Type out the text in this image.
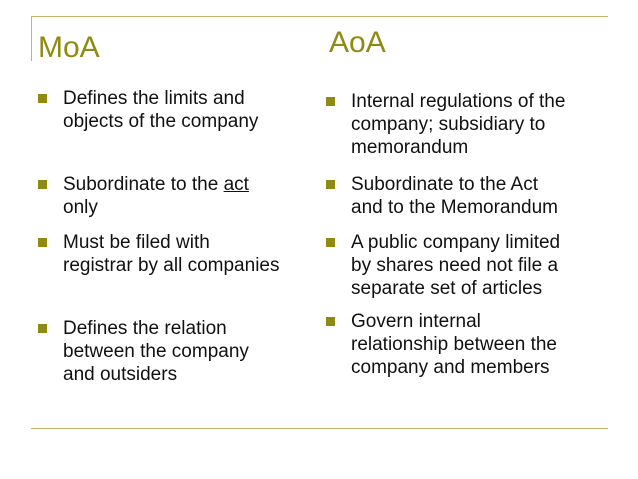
MoA	AoA
Defines the limits and
objects of the company
Subordinate to the act
only
Must be filed with
registrar by all companies
Defines the relation
between the company
and outsiders
Internal regulations of the
company; subsidiary to
memorandum
Subordinate to the Act
and to the Memorandum
A public company limited
by shares need not file a
separate set of articles
Govern internal
relationship between the
company and members
